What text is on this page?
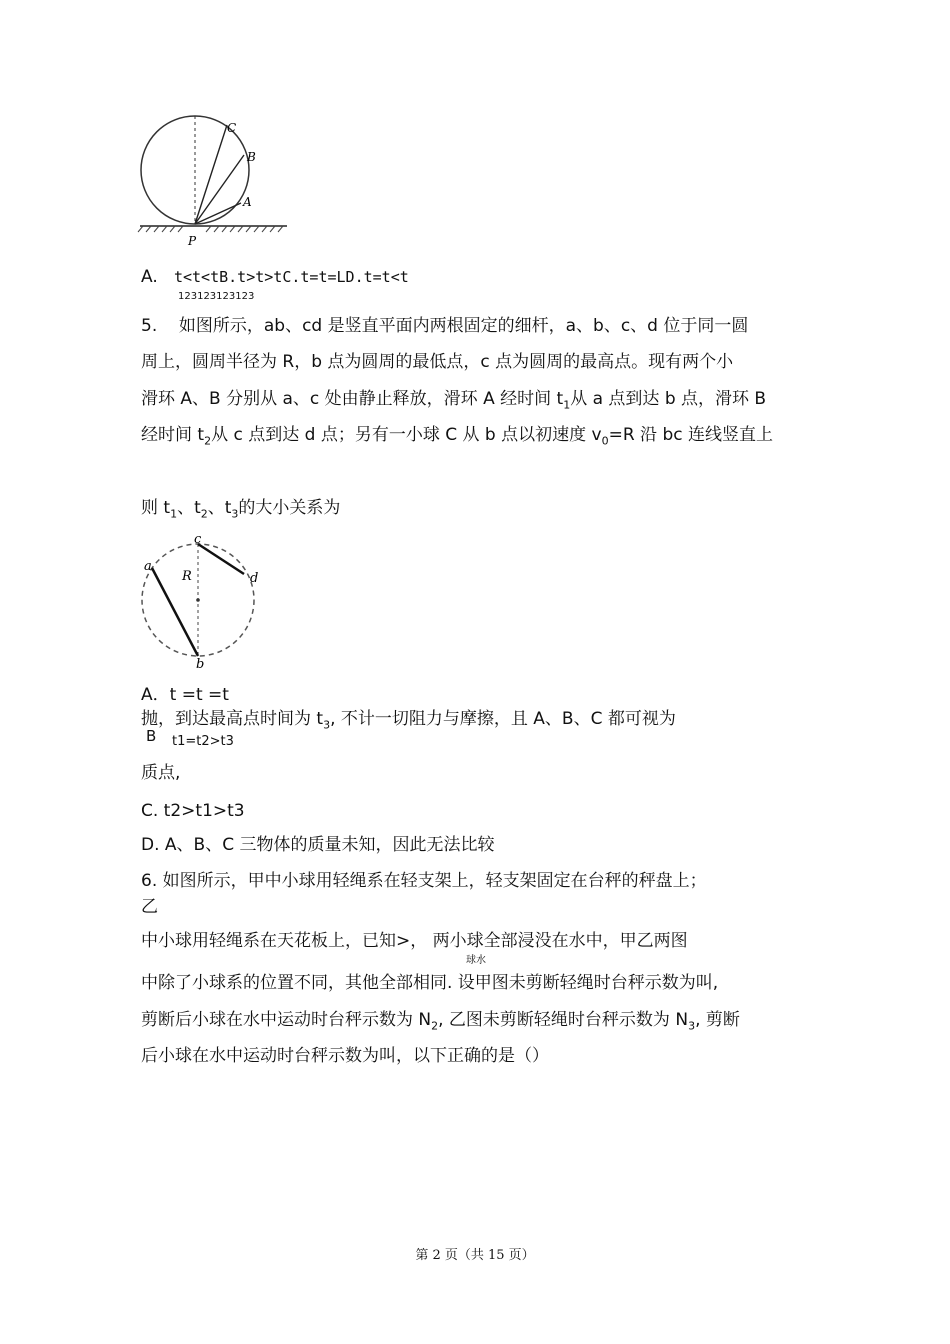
C
B
A
P
A. t<t<tB.t>t>tC.t=t=LD.t=t<t
123123123123
5. 如图所示，ab、cd 是竖直平面内两根固定的细杆，a、b、c、d 位于同一圆
周上，圆周半径为 R，b 点为圆周的最低点，c 点为圆周的最高点。现有两个小
滑环 A、B 分别从 a、c 处由静止释放，滑环 A 经时间 $t_1$从 a 点到达 b 点，滑环 B
经时间 $t_2$从 c 点到达 d 点；另有一小球 C 从 b 点以初速度 $v_0=R$ 沿 bc 连线竖直上
则 $t_1$、$t_2$、$t_3$的大小关系为
a
c
R	d
b
A．t =t =t
抛，到达最高点时间为 $t_3$, 不计一切阻力与摩擦，且 A、B、C 都可视为
B t1=t2>t3
质点,
C. t2>t1>t3
D. A、B、C 三物体的质量未知，因此无法比较
6. 如图所示，甲中小球用轻绳系在轻支架上，轻支架固定在台秤的秤盘上；
乙
中小球用轻绳系在天花板上，已知>， 两小球全部浸没在水中，甲乙两图
球水
中除了小球系的位置不同，其他全部相同. 设甲图未剪断轻绳时台秤示数为叫,
剪断后小球在水中运动时台秤示数为 $N_2$, 乙图未剪断轻绳时台秤示数为 $N_3$, 剪断
后小球在水中运动时台秤示数为叫，以下正确的是（）
第 2 页（共 15 页）
